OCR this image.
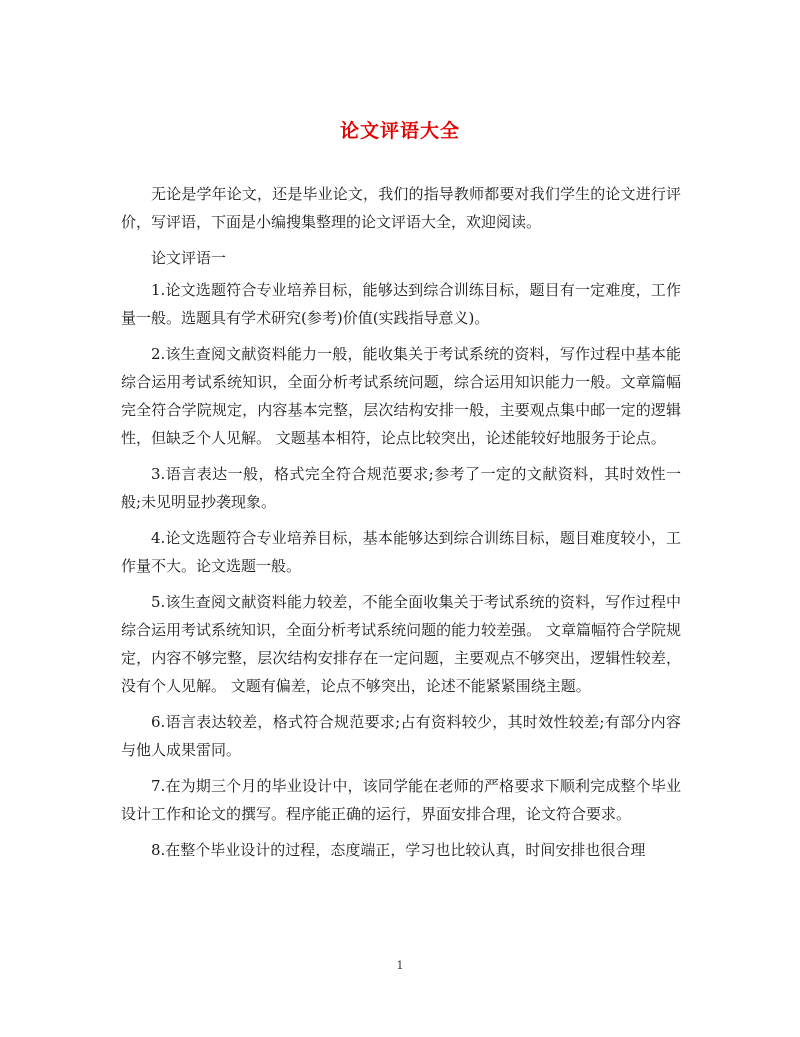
论文评语大全

无论是学年论文，还是毕业论文，我们的指导教师都要对我们学生的论文进行评价，写评语，下面是小编搜集整理的论文评语大全，欢迎阅读。

论文评语一

1.论文选题符合专业培养目标，能够达到综合训练目标，题目有一定难度，工作量一般。选题具有学术研究(参考)价值(实践指导意义)。

2.该生查阅文献资料能力一般，能收集关于考试系统的资料，写作过程中基本能综合运用考试系统知识，全面分析考试系统问题，综合运用知识能力一般。文章篇幅完全符合学院规定，内容基本完整，层次结构安排一般，主要观点集中邮一定的逻辑性，但缺乏个人见解。 文题基本相符，论点比较突出，论述能较好地服务于论点。

3.语言表达一般，格式完全符合规范要求;参考了一定的文献资料，其时效性一般;未见明显抄袭现象。

4.论文选题符合专业培养目标，基本能够达到综合训练目标，题目难度较小，工作量不大。论文选题一般。

5.该生查阅文献资料能力较差，不能全面收集关于考试系统的资料，写作过程中综合运用考试系统知识，全面分析考试系统问题的能力较差强。 文章篇幅符合学院规定，内容不够完整，层次结构安排存在一定问题，主要观点不够突出，逻辑性较差，没有个人见解。 文题有偏差，论点不够突出，论述不能紧紧围绕主题。

6.语言表达较差，格式符合规范要求;占有资料较少，其时效性较差;有部分内容与他人成果雷同。

7.在为期三个月的毕业设计中，该同学能在老师的严格要求下顺利完成整个毕业设计工作和论文的撰写。程序能正确的运行，界面安排合理，论文符合要求。

8.在整个毕业设计的过程，态度端正，学习也比较认真，时间安排也很合理

1
